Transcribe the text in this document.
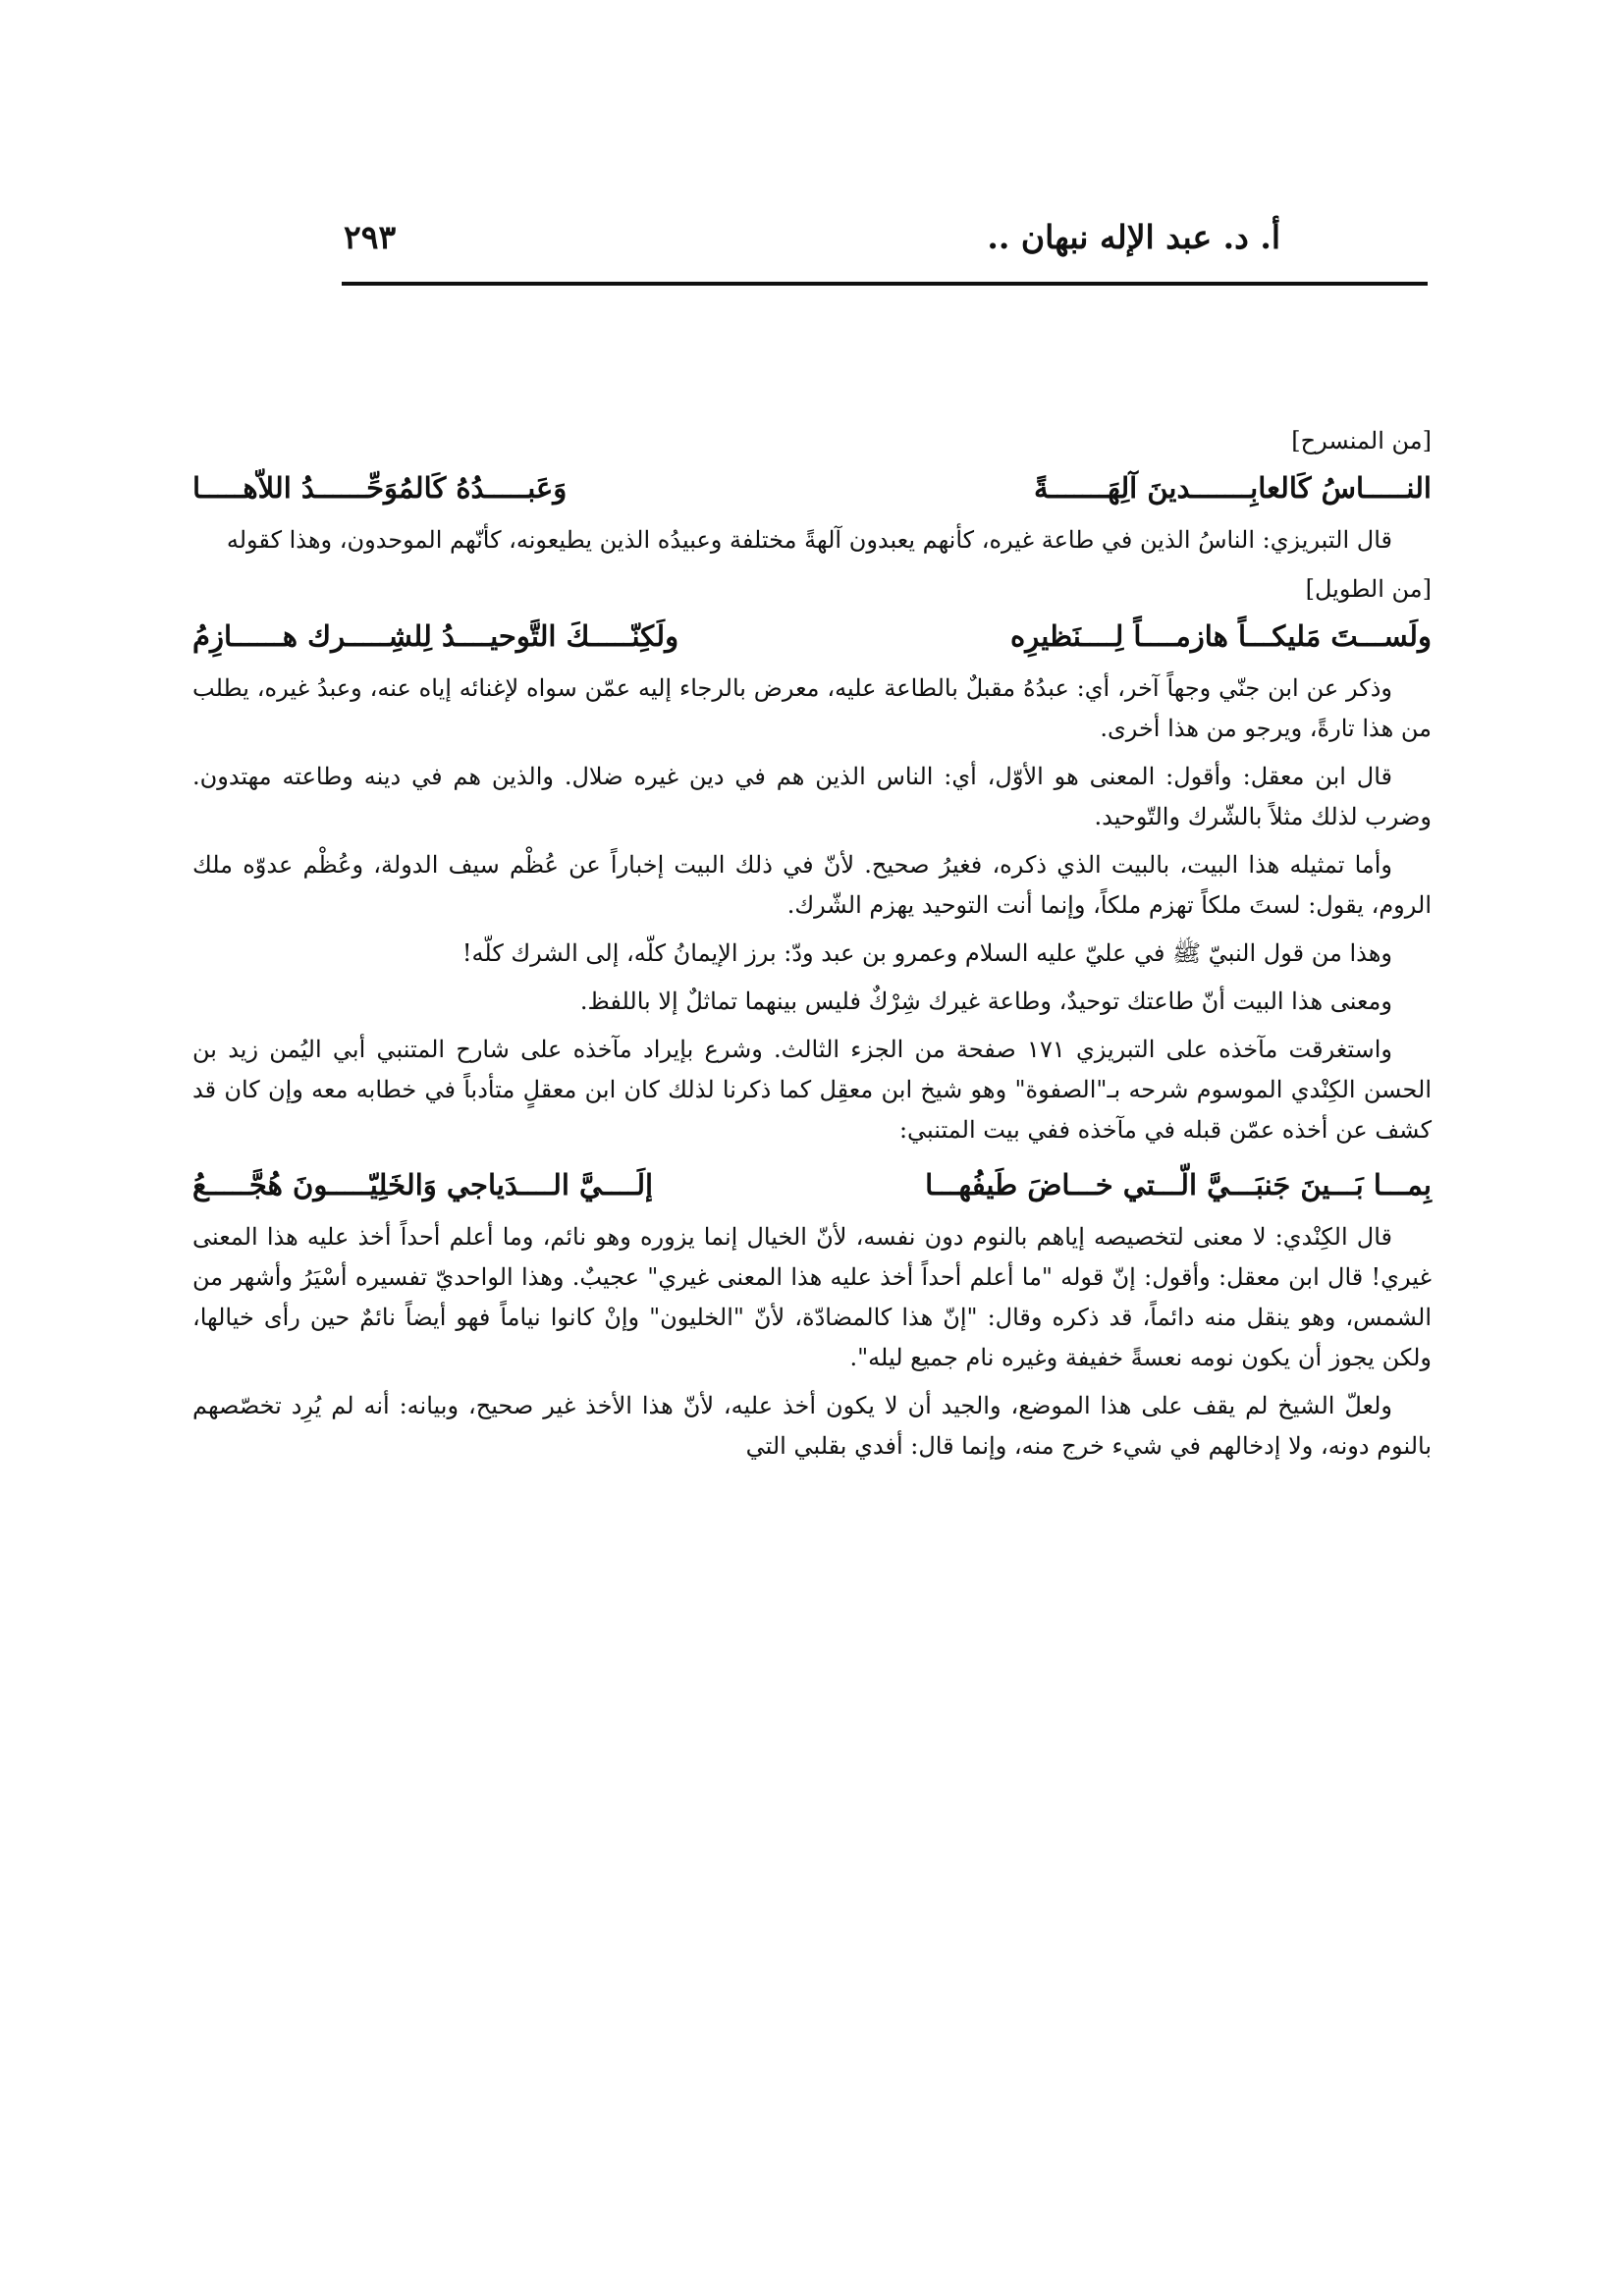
أ. د. عبد الإله نبهان ..
٢٩٣

[من المنسرح]

النـــــاسُ كَالعابِـــــــدينَ آلِهَـــــــةً
وَعَبـــــدُهُ كَالمُوَحِّــــــدُ اللاّهـــــا

قال التبريزي: الناسُ الذين في طاعة غيره، كأنهم يعبدون آلهةً مختلفة وعبيدُه الذين يطيعونه، كأنّهم الموحدون، وهذا كقوله

[من الطويل]

ولَســـتَ مَليكـــاً هازمــــاً لِــــنَظيرِه
ولَكِنّـــــكَ التَّوحيــــدُ لِلشِـــــرك هــــــازِمُ

وذكر عن ابن جنّي وجهاً آخر، أي: عبدُهُ مقبلٌ بالطاعة عليه، معرض بالرجاء إليه عمّن سواه لإغنائه إياه عنه، وعبدُ غيره، يطلب من هذا تارةً، ويرجو من هذا أخرى.

قال ابن معقل: وأقول: المعنى هو الأوّل، أي: الناس الذين هم في دين غيره ضلال. والذين هم في دينه وطاعته مهتدون. وضرب لذلك مثلاً بالشّرك والتّوحيد.

وأما تمثيله هذا البيت، بالبيت الذي ذكره، فغيرُ صحيح. لأنّ في ذلك البيت إخباراً عن عُظْم سيف الدولة، وعُظْم عدوّه ملك الروم، يقول: لستَ ملكاً تهزم ملكاً، وإنما أنت التوحيد يهزم الشّرك.

وهذا من قول النبيّ ﷺ في عليّ عليه السلام وعمرو بن عبد ودّ: برز الإيمانُ كلّه، إلى الشرك كلّه!

ومعنى هذا البيت أنّ طاعتك توحيدٌ، وطاعة غيرك شِرْكٌ فليس بينهما تماثلٌ إلا باللفظ.

واستغرقت مآخذه على التبريزي ١٧١ صفحة من الجزء الثالث. وشرع بإيراد مآخذه على شارح المتنبي أبي اليُمن زيد بن الحسن الكِنْدي الموسوم شرحه بـ"الصفوة" وهو شيخ ابن معقِل كما ذكرنا لذلك كان ابن معقلٍ متأدباً في خطابه معه وإن كان قد كشف عن أخذه عمّن قبله في مآخذه ففي بيت المتنبي:

بِمـــا بَـــينَ جَنبَـــيَّ الّـــتي خـــاضَ طَيفُهـــا
إلَــــيَّ الــــدَياجي وَالخَلِيّـــــونَ هُجَّـــــعُ

قال الكِنْدي: لا معنى لتخصيصه إياهم بالنوم دون نفسه، لأنّ الخيال إنما يزوره وهو نائم، وما أعلم أحداً أخذ عليه هذا المعنى غيري! قال ابن معقل: وأقول: إنّ قوله "ما أعلم أحداً أخذ عليه هذا المعنى غيري" عجيبٌ. وهذا الواحديّ تفسيره أسْيَرُ وأشهر من الشمس، وهو ينقل منه دائماً، قد ذكره وقال: "إنّ هذا كالمضادّة، لأنّ "الخليون" وإنْ كانوا نياماً فهو أيضاً نائمٌ حين رأى خيالها، ولكن يجوز أن يكون نومه نعسةً خفيفة وغيره نام جميع ليله".

ولعلّ الشيخ لم يقف على هذا الموضع، والجيد أن لا يكون أخذ عليه، لأنّ هذا الأخذ غير صحيح، وبيانه: أنه لم يُرِد تخصّصهم بالنوم دونه، ولا إدخالهم في شيء خرج منه، وإنما قال: أفدي بقلبي التي
